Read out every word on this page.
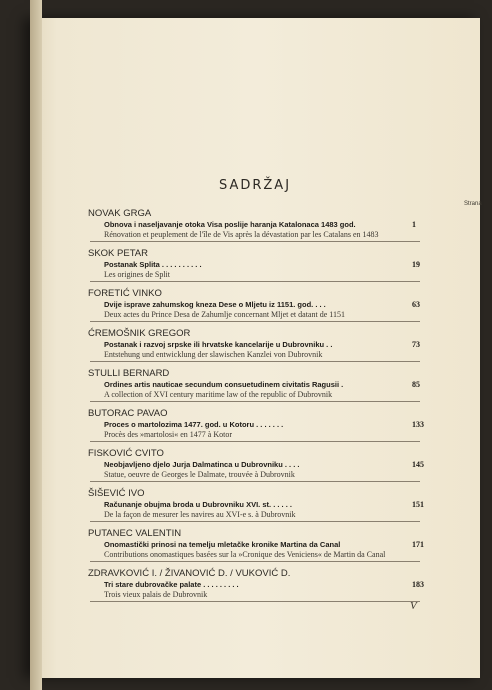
SADRŽAJ
Strana
NOVAK GRGA
Obnova i naseljavanje otoka Visa poslije haranja Katalonaca 1483 god.	1
Rénovation et peuplement de l'île de Vis après la dévastation par les Catalans en 1483
SKOK PETAR
Postanak Splita . . . . . . . . . .	19
Les origines de Split
FORETIĆ VINKO
Dvije isprave zahumskog kneza Dese o Mljetu iz 1151. god. . . .	63
Deux actes du Prince Desa de Zahumlje concernant Mljet et datant de 1151
ĆREMOŠNIK GREGOR
Postanak i razvoj srpske ili hrvatske kancelarije u Dubrovniku . .	73
Entstehung und entwicklung der slawischen Kanzlei von Dubrovnik
STULLI BERNARD
Ordines artis nauticae secundum consuetudinem civitatis Ragusii .	85
A collection of XVI century maritime law of the republic of Dubrovnik
BUTORAC PAVAO
Proces o martolozima 1477. god. u Kotoru . . . . . . .	133
Procès des »martolosi« en 1477 à Kotor
FISKOVIĆ CVITO
Neobjavljeno djelo Jurja Dalmatinca u Dubrovniku . . . .	145
Statue, oeuvre de Georges le Dalmate, trouvée à Dubrovnik
ŠIŠEVIĆ IVO
Računanje obujma broda u Dubrovniku XVI. st. . . . . .	151
De la façon de mesurer les navires au XVI-e s. à Dubrovnik
PUTANEC VALENTIN
Onomastički prinosi na temelju mletačke kronike Martina da Canal	171
Contributions onomastiques basées sur la »Cronique des Veniciens« de Martin da Canal
ZDRAVKOVIĆ I. / ŽIVANOVIĆ D. / VUKOVIĆ D.
Tri stare dubrovačke palate . . . . . . . . .	183
Trois vieux palais de Dubrovnik
V
